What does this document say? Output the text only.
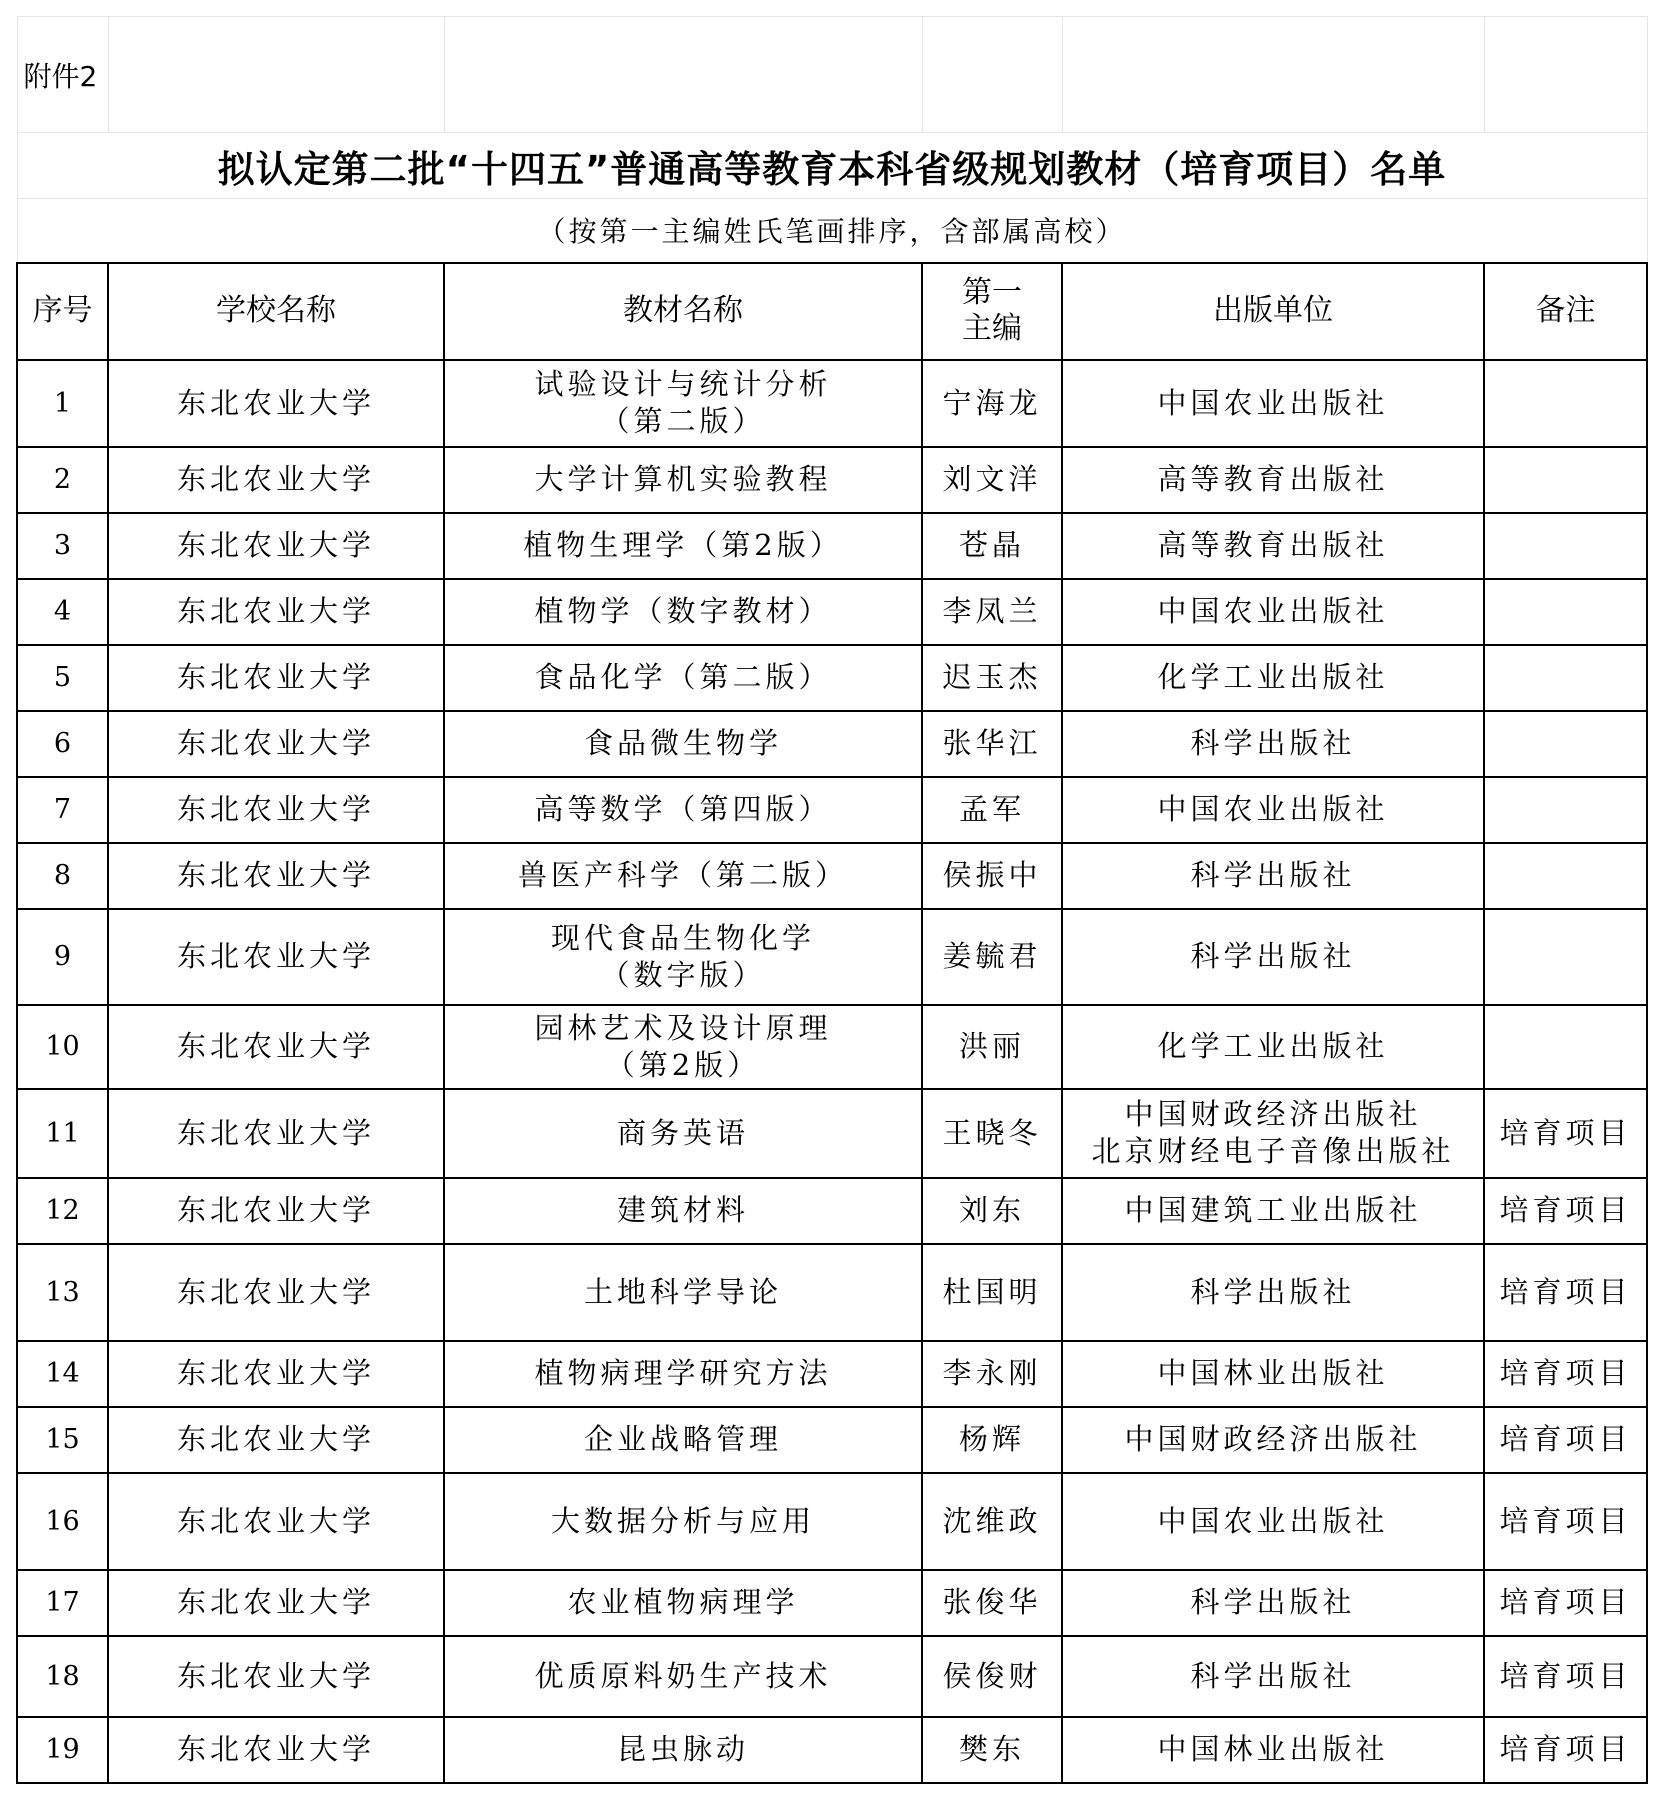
附件2					
拟认定第二批“十四五”普通高等教育本科省级规划教材（培育项目）名单					
（按第一主编姓氏笔画排序，含部属高校）					
序号	学校名称	教材名称	第一
主编	出版单位	备注
1	东北农业大学	试验设计与统计分析
（第二版）	宁海龙	中国农业出版社	

2	东北农业大学	大学计算机实验教程	刘文洋	高等教育出版社	

3	东北农业大学	植物生理学（第2版）	苍晶	高等教育出版社	

4	东北农业大学	植物学（数字教材）	李凤兰	中国农业出版社	

5	东北农业大学	食品化学（第二版）	迟玉杰	化学工业出版社	

6	东北农业大学	食品微生物学	张华江	科学出版社	

7	东北农业大学	高等数学（第四版）	孟军	中国农业出版社	

8	东北农业大学	兽医产科学（第二版）	侯振中	科学出版社	

9	东北农业大学	现代食品生物化学
（数字版）	姜毓君	科学出版社	

10	东北农业大学	园林艺术及设计原理
（第2版）	洪丽	化学工业出版社	

11	东北农业大学	商务英语	王晓冬	中国财政经济出版社
北京财经电子音像出版社	培育项目
12	东北农业大学	建筑材料	刘东	中国建筑工业出版社	培育项目
13	东北农业大学	土地科学导论	杜国明	科学出版社	培育项目
14	东北农业大学	植物病理学研究方法	李永刚	中国林业出版社	培育项目
15	东北农业大学	企业战略管理	杨辉	中国财政经济出版社	培育项目
16	东北农业大学	大数据分析与应用	沈维政	中国农业出版社	培育项目
17	东北农业大学	农业植物病理学	张俊华	科学出版社	培育项目
18	东北农业大学	优质原料奶生产技术	侯俊财	科学出版社	培育项目
19	东北农业大学	昆虫脉动	樊东	中国林业出版社	培育项目
